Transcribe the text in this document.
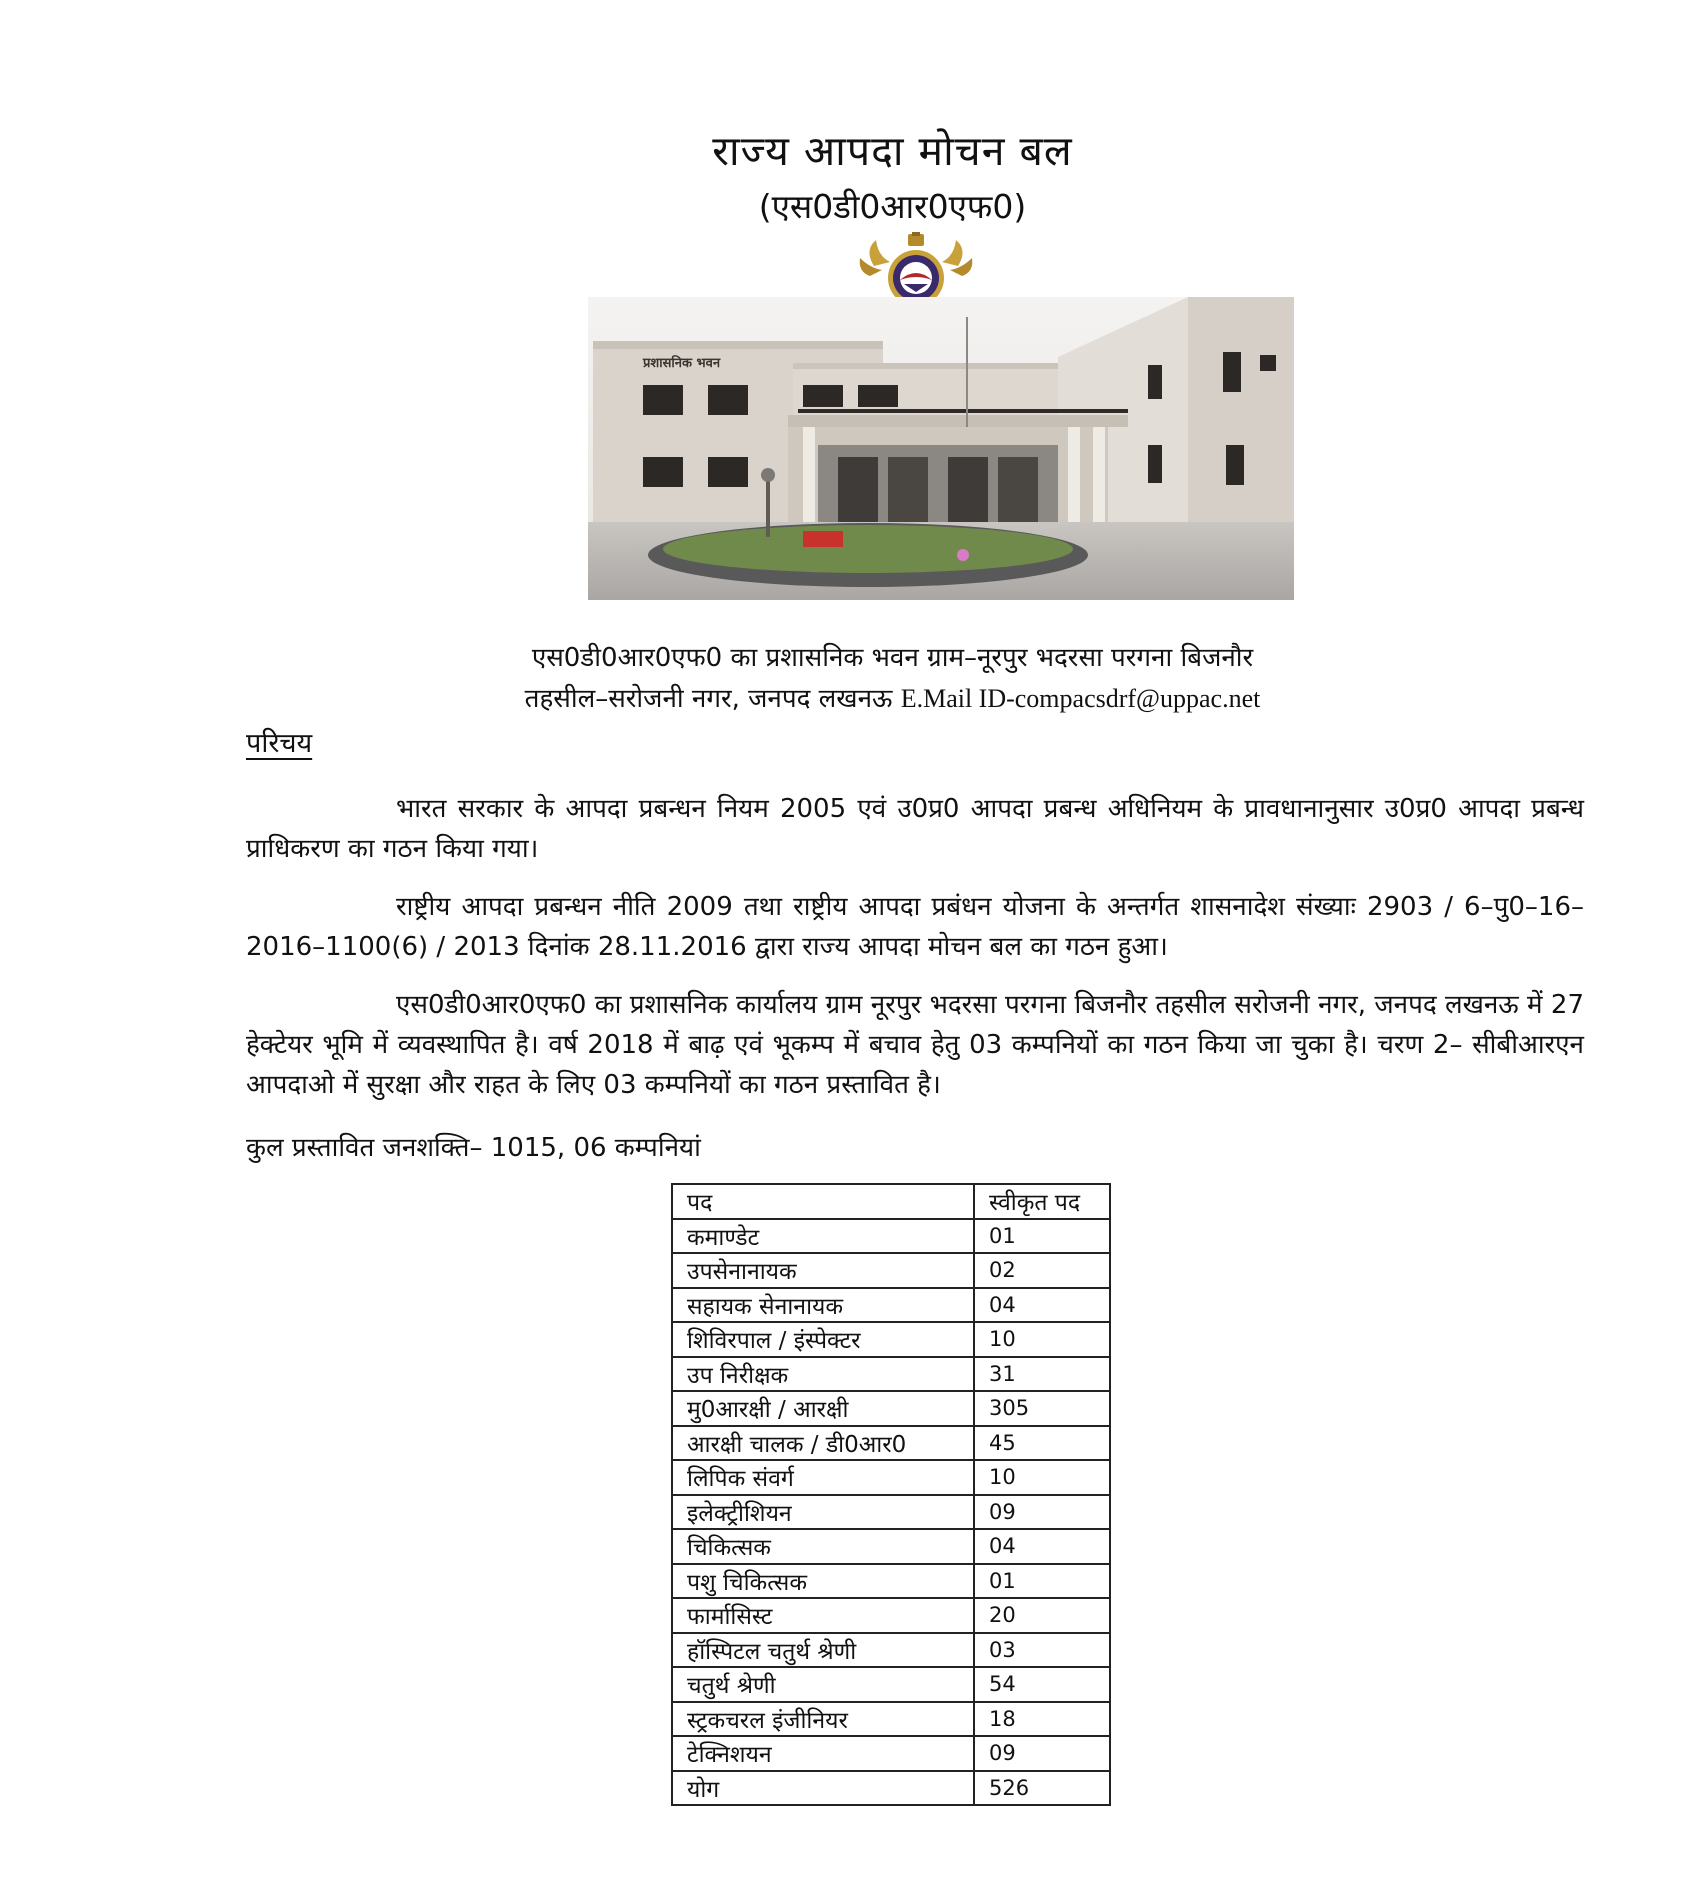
राज्य आपदा मोचन बल
(एस0डी0आर0एफ0)
प्रशासनिक भवन
एस0डी0आर0एफ0 का प्रशासनिक भवन ग्राम–नूरपुर भदरसा परगना बिजनौर
तहसील–सरोजनी नगर, जनपद लखनऊ E.Mail ID-compacsdrf@uppac.net
परिचय

भारत सरकार के आपदा प्रबन्धन नियम 2005 एवं उ0प्र0 आपदा प्रबन्ध अधिनियम के प्रावधानानुसार उ0प्र0 आपदा प्रबन्ध प्राधिकरण का गठन किया गया।

राष्ट्रीय आपदा प्रबन्धन नीति 2009 तथा राष्ट्रीय आपदा प्रबंधन योजना के अन्तर्गत शासनादेश संख्याः 2903 / 6–पु0–16–2016–1100(6) / 2013 दिनांक 28.11.2016 द्वारा राज्य आपदा मोचन बल का गठन हुआ।

एस0डी0आर0एफ0 का प्रशासनिक कार्यालय ग्राम नूरपुर भदरसा परगना बिजनौर तहसील सरोजनी नगर, जनपद लखनऊ में 27 हेक्टेयर भूमि में व्यवस्थापित है। वर्ष 2018 में बाढ़ एवं भूकम्प में बचाव हेतु 03 कम्पनियों का गठन किया जा चुका है। चरण 2– सीबीआरएन आपदाओ में सुरक्षा और राहत के लिए 03 कम्पनियों का गठन प्रस्तावित है।

कुल प्रस्तावित जनशक्ति– 1015, 06 कम्पनियां
पद	स्वीकृत पद
कमाण्डेट	01
उपसेनानायक	02
सहायक सेनानायक	04
शिविरपाल / इंस्पेक्टर	10
उप निरीक्षक	31
मु0आरक्षी / आरक्षी	305
आरक्षी चालक / डी0आर0	45
लिपिक संवर्ग	10
इलेक्ट्रीशियन	09
चिकित्सक	04
पशु चिकित्सक	01
फार्मासिस्ट	20
हॉस्पिटल चतुर्थ श्रेणी	03
चतुर्थ श्रेणी	54
स्ट्रकचरल इंजीनियर	18
टेक्निशयन	09
योग	526
